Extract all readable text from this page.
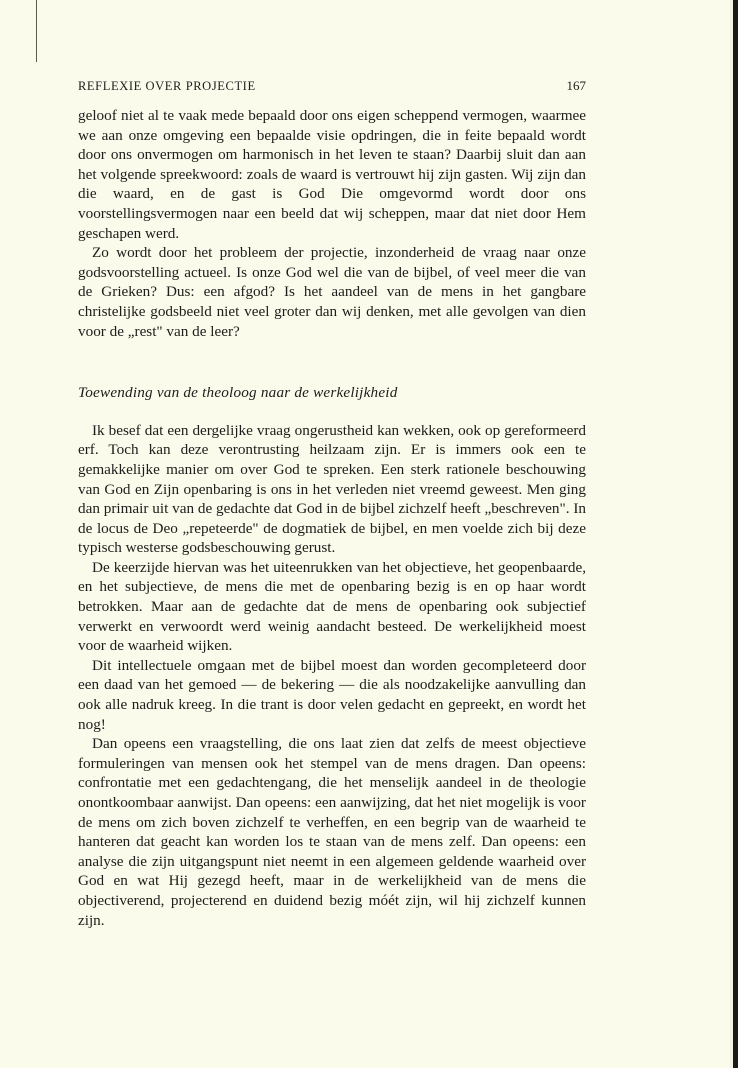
REFLEXIE OVER PROJECTIE	167

geloof niet al te vaak mede bepaald door ons eigen scheppend vermogen, waarmee we aan onze omgeving een bepaalde visie opdringen, die in feite bepaald wordt door ons onvermogen om harmonisch in het leven te staan? Daarbij sluit dan aan het volgende spreekwoord: zoals de waard is vertrouwt hij zijn gasten. Wij zijn dan die waard, en de gast is God Die omgevormd wordt door ons voorstellingsvermogen naar een beeld dat wij scheppen, maar dat niet door Hem geschapen werd.

Zo wordt door het probleem der projectie, inzonderheid de vraag naar onze godsvoorstelling actueel. Is onze God wel die van de bijbel, of veel meer die van de Grieken? Dus: een afgod? Is het aandeel van de mens in het gangbare christelijke godsbeeld niet veel groter dan wij denken, met alle gevolgen van dien voor de „rest" van de leer?

Toewending van de theoloog naar de werkelijkheid

Ik besef dat een dergelijke vraag ongerustheid kan wekken, ook op gereformeerd erf. Toch kan deze verontrusting heilzaam zijn. Er is immers ook een te gemakkelijke manier om over God te spreken. Een sterk rationele beschouwing van God en Zijn openbaring is ons in het verleden niet vreemd geweest. Men ging dan primair uit van de gedachte dat God in de bijbel zichzelf heeft „beschreven". In de locus de Deo „repeteerde" de dogmatiek de bijbel, en men voelde zich bij deze typisch westerse godsbeschouwing gerust.

De keerzijde hiervan was het uiteenrukken van het objectieve, het geopenbaarde, en het subjectieve, de mens die met de openbaring bezig is en op haar wordt betrokken. Maar aan de gedachte dat de mens de openbaring ook subjectief verwerkt en verwoordt werd weinig aandacht besteed. De werkelijkheid moest voor de waarheid wijken.

Dit intellectuele omgaan met de bijbel moest dan worden gecompleteerd door een daad van het gemoed — de bekering — die als noodzakelijke aanvulling dan ook alle nadruk kreeg. In die trant is door velen gedacht en gepreekt, en wordt het nog!

Dan opeens een vraagstelling, die ons laat zien dat zelfs de meest objectieve formuleringen van mensen ook het stempel van de mens dragen. Dan opeens: confrontatie met een gedachtengang, die het menselijk aandeel in de theologie onontkoombaar aanwijst. Dan opeens: een aanwijzing, dat het niet mogelijk is voor de mens om zich boven zichzelf te verheffen, en een begrip van de waarheid te hanteren dat geacht kan worden los te staan van de mens zelf. Dan opeens: een analyse die zijn uitgangspunt niet neemt in een algemeen geldende waarheid over God en wat Hij gezegd heeft, maar in de werkelijkheid van de mens die objectiverend, projecterend en duidend bezig móét zijn, wil hij zichzelf kunnen zijn.
